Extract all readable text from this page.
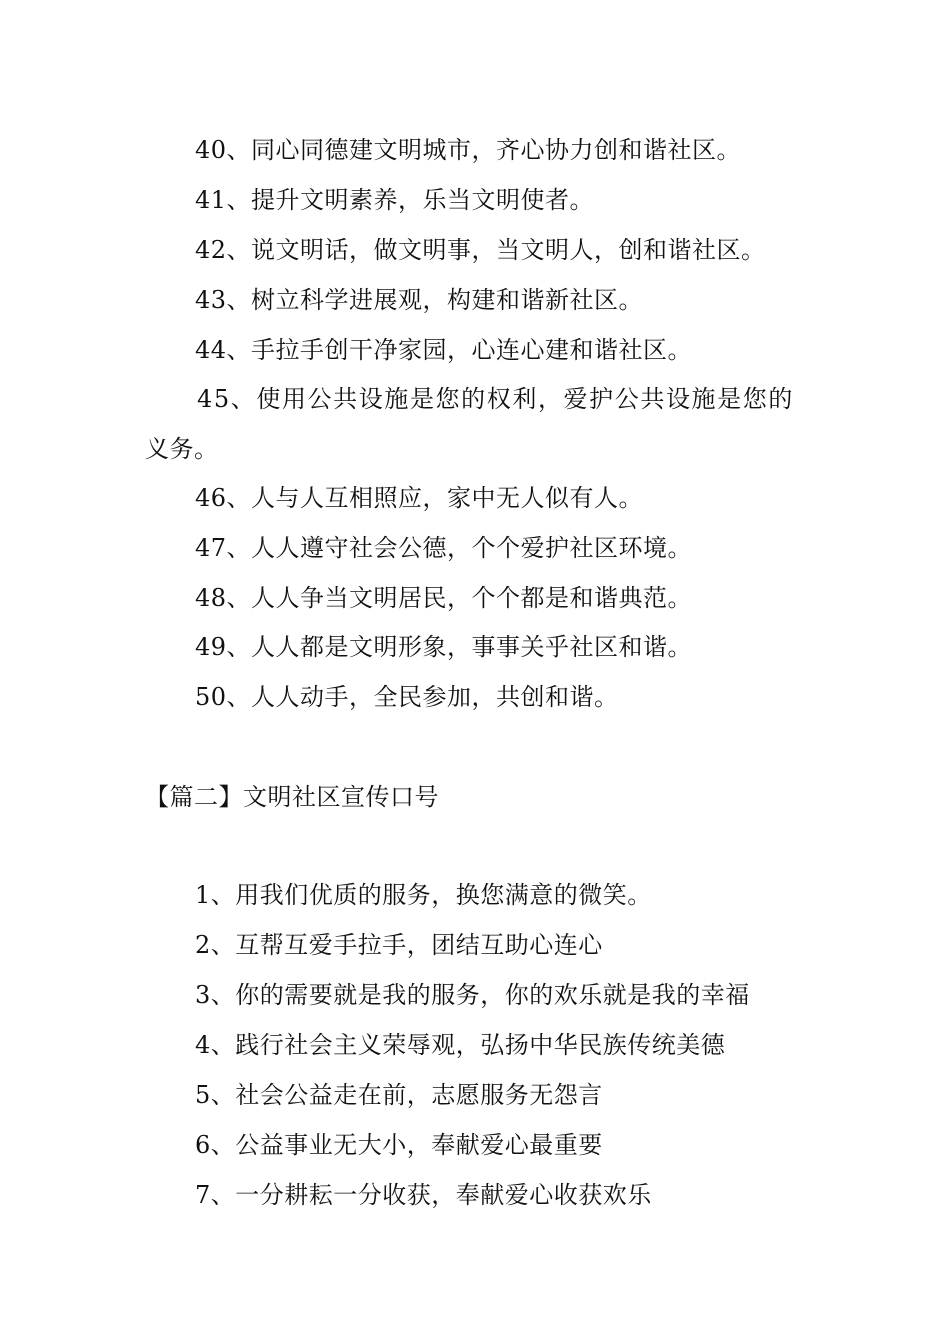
40、同心同德建文明城市，齐心协力创和谐社区。
41、提升文明素养，乐当文明使者。
42、说文明话，做文明事，当文明人，创和谐社区。
43、树立科学进展观，构建和谐新社区。
44、手拉手创干净家园，心连心建和谐社区。
45、使用公共设施是您的权利，爱护公共设施是您的
义务。
46、人与人互相照应，家中无人似有人。
47、人人遵守社会公德，个个爱护社区环境。
48、人人争当文明居民，个个都是和谐典范。
49、人人都是文明形象，事事关乎社区和谐。
50、人人动手，全民参加，共创和谐。
【篇二】文明社区宣传口号
1、用我们优质的服务，换您满意的微笑。
2、互帮互爱手拉手，团结互助心连心
3、你的需要就是我的服务，你的欢乐就是我的幸福
4、践行社会主义荣辱观，弘扬中华民族传统美德
5、社会公益走在前，志愿服务无怨言
6、公益事业无大小，奉献爱心最重要
7、一分耕耘一分收获，奉献爱心收获欢乐
